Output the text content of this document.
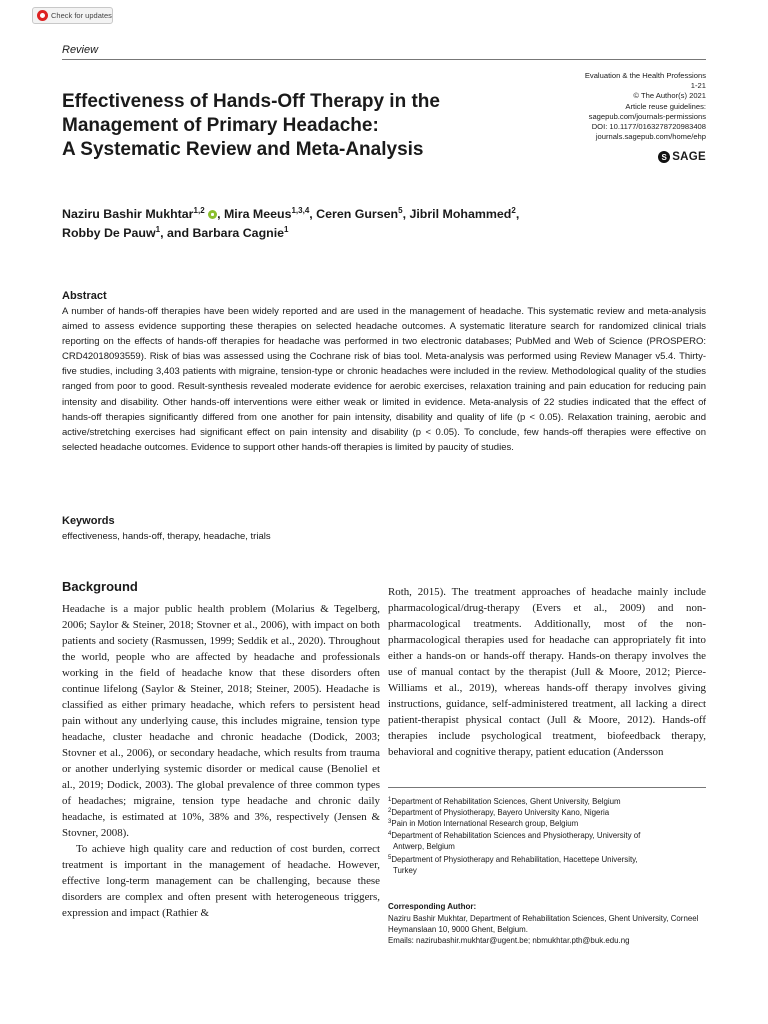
Check for updates
Review
Effectiveness of Hands-Off Therapy in the
Management of Primary Headache:
A Systematic Review and Meta-Analysis
Evaluation & the Health Professions
1-21
© The Author(s) 2021
Article reuse guidelines:
sagepub.com/journals-permissions
DOI: 10.1177/0163278720983408
journals.sagepub.com/home/ehp
S SAGE

Naziru Bashir Mukhtar$^{1,2}$ , Mira Meeus$^{1,3,4}$, Ceren Gursen$^5$, Jibril Mohammed$^2$,
Robby De Pauw$^1$, and Barbara Cagnie$^1$

Abstract

A number of hands-off therapies have been widely reported and are used in the management of headache. This systematic review and meta-analysis aimed to assess evidence supporting these therapies on selected headache outcomes. A systematic literature search for randomized clinical trials reporting on the effects of hands-off therapies for headache was performed in two electronic databases; PubMed and Web of Science (PROSPERO: CRD42018093559). Risk of bias was assessed using the Cochrane risk of bias tool. Meta-analysis was performed using Review Manager v5.4. Thirty-five studies, including 3,403 patients with migraine, tension-type or chronic headaches were included in the review. Methodological quality of the studies ranged from poor to good. Result-synthesis revealed moderate evidence for aerobic exercises, relaxation training and pain education for reducing pain intensity and disability. Other hands-off interventions were either weak or limited in evidence. Meta-analysis of 22 studies indicated that the effect of hands-off therapies significantly differed from one another for pain intensity, disability and quality of life (p < 0.05). Relaxation training, aerobic and active/stretching exercises had significant effect on pain intensity and disability (p < 0.05). To conclude, few hands-off therapies were effective on selected headache outcomes. Evidence to support other hands-off therapies is limited by paucity of studies.

Keywords
effectiveness, hands-off, therapy, headache, trials
Background

Headache is a major public health problem (Molarius & Tegelberg, 2006; Saylor & Steiner, 2018; Stovner et al., 2006), with impact on both patients and society (Rasmussen, 1999; Seddik et al., 2020). Throughout the world, people who are affected by headache and professionals working in the field of headache know that these disorders often continue lifelong (Saylor & Steiner, 2018; Steiner, 2005). Headache is classified as either primary headache, which refers to persistent head pain without any underlying cause, this includes migraine, tension type headache, cluster headache and chronic headache (Dodick, 2003; Stovner et al., 2006), or secondary headache, which results from trauma or another underlying systemic disorder or medical cause (Benoliel et al., 2019; Dodick, 2003). The global prevalence of three common types of headaches; migraine, tension type headache and chronic daily headache, is estimated at 10%, 38% and 3%, respectively (Jensen & Stovner, 2008).

To achieve high quality care and reduction of cost burden, correct treatment is important in the management of headache. However, effective long-term management can be challenging, because these disorders are complex and often present with heterogeneous triggers, expression and impact (Rathier &

Roth, 2015). The treatment approaches of headache mainly include pharmacological/drug-therapy (Evers et al., 2009) and non-pharmacological treatments. Additionally, most of the non-pharmacological therapies used for headache can appropriately fit into either a hands-on or hands-off therapy. Hands-on therapy involves the use of manual contact by the therapist (Jull & Moore, 2012; Pierce-Williams et al., 2019), whereas hands-off therapy involves giving instructions, guidance, self-administered treatment, all lacking a direct patient-therapist physical contact (Jull & Moore, 2012). Hands-off therapies include psychological treatment, biofeedback therapy, behavioral and cognitive therapy, patient education (Andersson

$^1$Department of Rehabilitation Sciences, Ghent University, Belgium
$^2$Department of Physiotherapy, Bayero University Kano, Nigeria
$^3$Pain in Motion International Research group, Belgium
$^4$Department of Rehabilitation Sciences and Physiotherapy, University of
Antwerp, Belgium
$^5$Department of Physiotherapy and Rehabilitation, Hacettepe University,
Turkey
Corresponding Author:
Naziru Bashir Mukhtar, Department of Rehabilitation Sciences, Ghent University, Corneel Heymanslaan 10, 9000 Ghent, Belgium.
Emails: nazirubashir.mukhtar@ugent.be; nbmukhtar.pth@buk.edu.ng
